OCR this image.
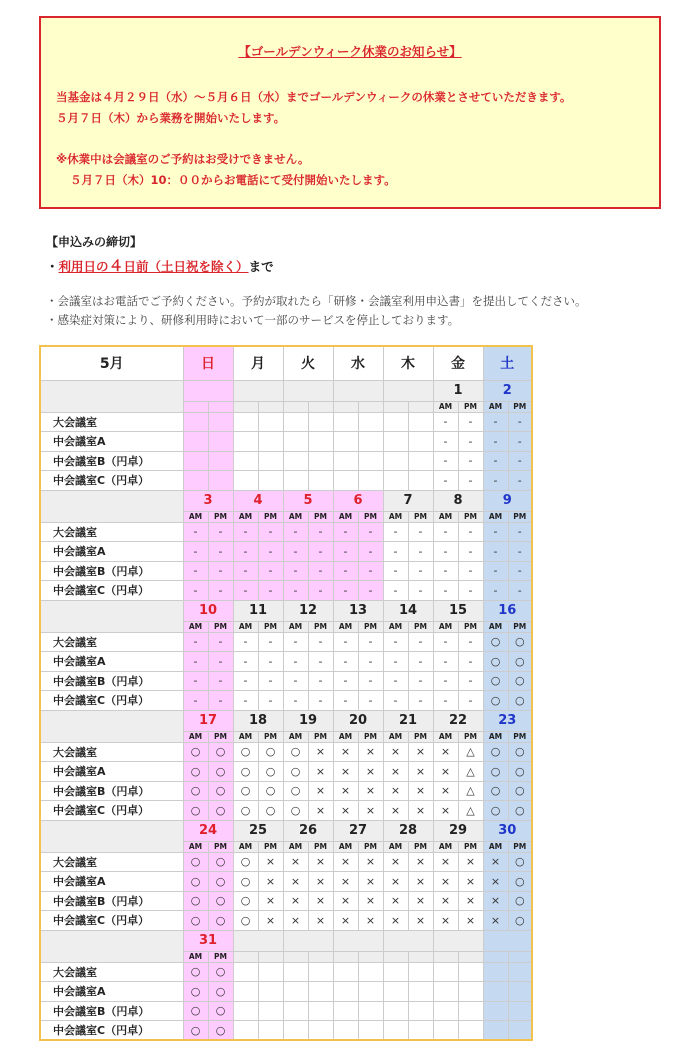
【ゴールデンウィーク休業のお知らせ】
当基金は４月２９日（水）～５月６日（水）までゴールデンウィークの休業とさせていただきます。
５月７日（木）から業務を開始いたします。
※休業中は会議室のご予約はお受けできません。
５月７日（木）10：００からお電話にて受付開始いたします。
【申込みの締切】
・利用日の４日前（土日祝を除く）まで
・会議室はお電話でご予約ください。予約が取れたら「研修・会議室利用申込書」を提出してください。
・感染症対策により、研修利用時において一部のサービスを停止しております。
5月	日		月		火		水		木		金		土	
											1		2	
											AM	PM	AM	PM
大会議室											-	-	-	-
中会議室A											-	-	-	-
中会議室B（円卓）											-	-	-	-
中会議室C（円卓）											-	-	-	-
	3		4		5		6		7		8		9	
	AM	PM	AM	PM	AM	PM	AM	PM	AM	PM	AM	PM	AM	PM
大会議室	-	-	-	-	-	-	-	-	-	-	-	-	-	-
中会議室A	-	-	-	-	-	-	-	-	-	-	-	-	-	-
中会議室B（円卓）	-	-	-	-	-	-	-	-	-	-	-	-	-	-
中会議室C（円卓）	-	-	-	-	-	-	-	-	-	-	-	-	-	-
	10		11		12		13		14		15		16	
	AM	PM	AM	PM	AM	PM	AM	PM	AM	PM	AM	PM	AM	PM
大会議室	-	-	-	-	-	-	-	-	-	-	-	-	○	○
中会議室A	-	-	-	-	-	-	-	-	-	-	-	-	○	○
中会議室B（円卓）	-	-	-	-	-	-	-	-	-	-	-	-	○	○
中会議室C（円卓）	-	-	-	-	-	-	-	-	-	-	-	-	○	○
	17		18		19		20		21		22		23	
	AM	PM	AM	PM	AM	PM	AM	PM	AM	PM	AM	PM	AM	PM
大会議室	○	○	○	○	○	×	×	×	×	×	×	△	○	○
中会議室A	○	○	○	○	○	×	×	×	×	×	×	△	○	○
中会議室B（円卓）	○	○	○	○	○	×	×	×	×	×	×	△	○	○
中会議室C（円卓）	○	○	○	○	○	×	×	×	×	×	×	△	○	○
	24		25		26		27		28		29		30	
	AM	PM	AM	PM	AM	PM	AM	PM	AM	PM	AM	PM	AM	PM
大会議室	○	○	○	×	×	×	×	×	×	×	×	×	×	○
中会議室A	○	○	○	×	×	×	×	×	×	×	×	×	×	○
中会議室B（円卓）	○	○	○	×	×	×	×	×	×	×	×	×	×	○
中会議室C（円卓）	○	○	○	×	×	×	×	×	×	×	×	×	×	○
	31													
	AM	PM												
大会議室	○	○												
中会議室A	○	○												
中会議室B（円卓）	○	○												
中会議室C（円卓）	○	○												
